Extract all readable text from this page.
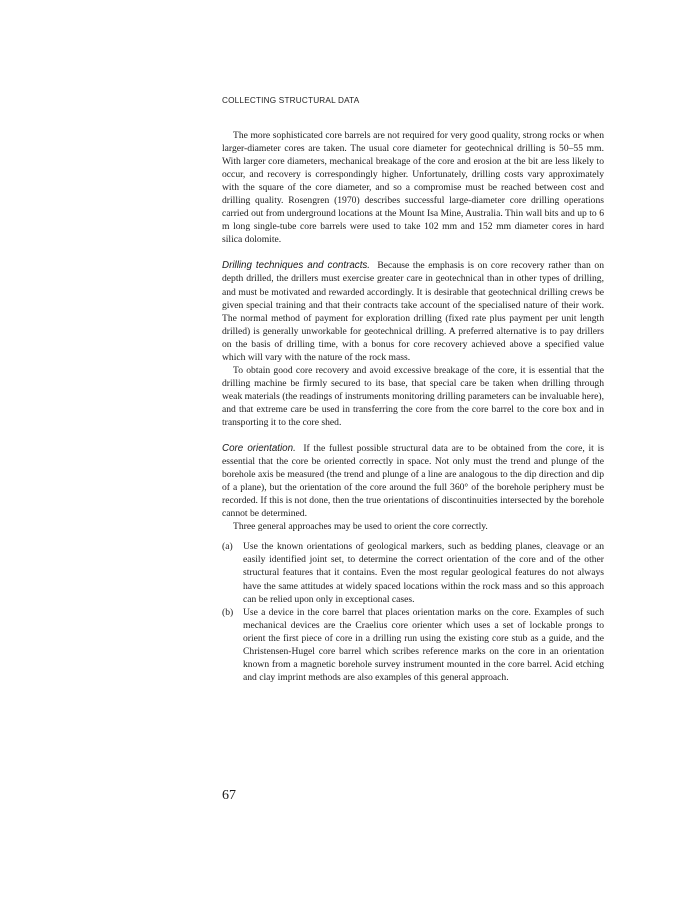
COLLECTING STRUCTURAL DATA

The more sophisticated core barrels are not required for very good quality, strong rocks or when larger-diameter cores are taken. The usual core diameter for geotechnical drilling is 50–55 mm. With larger core diameters, mechanical breakage of the core and erosion at the bit are less likely to occur, and recovery is correspondingly higher. Unfortunately, drilling costs vary approximately with the square of the core diameter, and so a compromise must be reached between cost and drilling quality. Rosengren (1970) describes successful large-diameter core drilling operations carried out from underground locations at the Mount Isa Mine, Australia. Thin wall bits and up to 6 m long single-tube core barrels were used to take 102 mm and 152 mm diameter cores in hard silica dolomite.

Drilling techniques and contracts. Because the emphasis is on core recovery rather than on depth drilled, the drillers must exercise greater care in geotechnical than in other types of drilling, and must be motivated and rewarded accordingly. It is desirable that geotechnical drilling crews be given special training and that their contracts take account of the specialised nature of their work. The normal method of payment for exploration drilling (fixed rate plus payment per unit length drilled) is generally unworkable for geotechnical drilling. A preferred alternative is to pay drillers on the basis of drilling time, with a bonus for core recovery achieved above a specified value which will vary with the nature of the rock mass.

To obtain good core recovery and avoid excessive breakage of the core, it is essential that the drilling machine be firmly secured to its base, that special care be taken when drilling through weak materials (the readings of instruments monitoring drilling parameters can be invaluable here), and that extreme care be used in transferring the core from the core barrel to the core box and in transporting it to the core shed.

Core orientation. If the fullest possible structural data are to be obtained from the core, it is essential that the core be oriented correctly in space. Not only must the trend and plunge of the borehole axis be measured (the trend and plunge of a line are analogous to the dip direction and dip of a plane), but the orientation of the core around the full 360° of the borehole periphery must be recorded. If this is not done, then the true orientations of discontinuities intersected by the borehole cannot be determined.

Three general approaches may be used to orient the core correctly.

(a) Use the known orientations of geological markers, such as bedding planes, cleavage or an easily identified joint set, to determine the correct orientation of the core and of the other structural features that it contains. Even the most regular geological features do not always have the same attitudes at widely spaced locations within the rock mass and so this approach can be relied upon only in exceptional cases.
(b) Use a device in the core barrel that places orientation marks on the core. Examples of such mechanical devices are the Craelius core orienter which uses a set of lockable prongs to orient the first piece of core in a drilling run using the existing core stub as a guide, and the Christensen-Hugel core barrel which scribes reference marks on the core in an orientation known from a magnetic borehole survey instrument mounted in the core barrel. Acid etching and clay imprint methods are also examples of this general approach.
67
